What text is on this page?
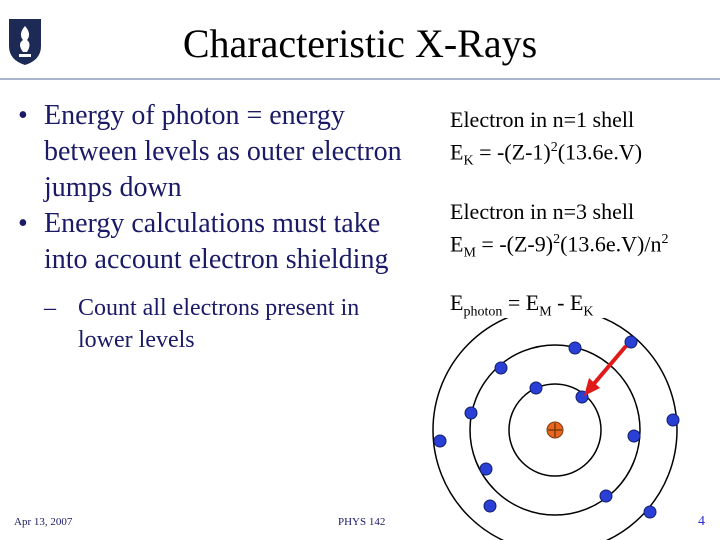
Characteristic X-Rays
• Energy of photon = energy between levels as outer electron jumps down
• Energy calculations must take into account electron shielding
– Count all electrons present in lower levels
Electron in n=1 shell
$E_K = -(Z-1)^2(13.6e.V)$
Electron in n=3 shell
$E_M = -(Z-9)^2(13.6e.V)/n^2$
$E_{photon} = E_M - E_K$
Apr 13, 2007	PHYS 142	4
